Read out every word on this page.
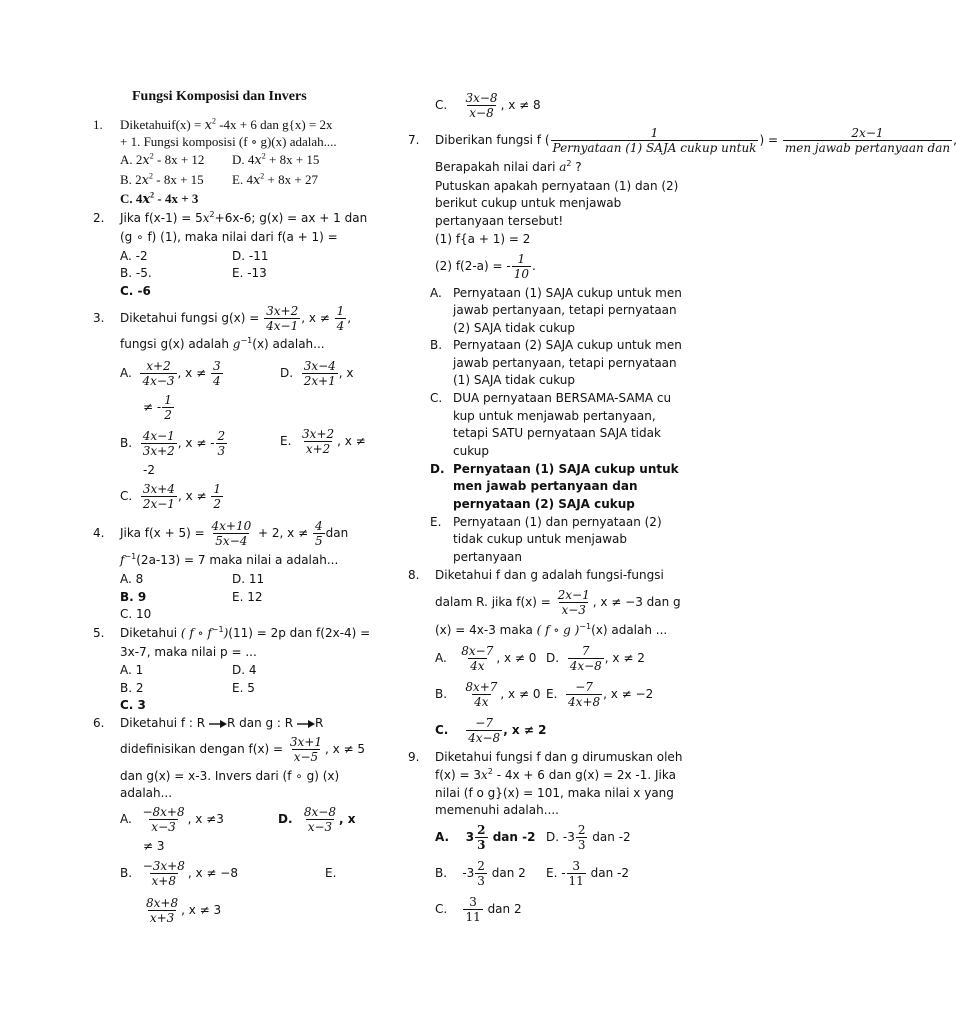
Fungsi Komposisi dan Invers
1. Diketahuif(x) = $x^2$ -4x + 6 dan g{x) = 2x
+ 1. Fungsi komposisi (f ∘ g)(x) adalah....
A. $2x^2 - 8x + 12$ D. $4x^2 + 8x + 15$
B. $2x^2 - 8x + 15$ E. $4x^2 + 8x + 27$
C. $4x^2 - 4x + 3$
2. Jika $f(x-1) = 5x^2+6x-6$; g(x) = ax + 1 dan
(g ∘ f) (1), maka nilai dari f(a + 1) =
A. -2	D. -11
B. -5.	E. -13
C. -6
3. Diketahui fungsi $g(x) = \frac{3x+2}{4x-1}$ , $x \ne \frac{1}{4}$ ,
fungsi g(x) adalah $g^{-1}(x)$ adalah...
A. $\frac{x+2}{4x-3}$ , $x \ne \frac{3}{4}$	D. $\frac{3x-4}{2x+1}$ , x
≠ - $\frac{1}{2}$
B. $\frac{4x-1}{3x+2}$ , x ≠ - $\frac{2}{3}$	E. $\frac{3x+2}{x+2}$ , x ≠
-2
C. $\frac{3x+4}{2x-1}$ , $x \ne \frac{1}{2}$
4. Jika $f(x + 5) = \frac{4x+10}{5x-4} + 2$, $x \ne \frac{4}{5}$ dan
$f^{-1}(2a-13) = 7$ maka nilai a adalah...
A. 8	D. 11
B. 9	E. 12
C. 10
5. Diketahui ( f ∘ $f^{-1})(11) = 2p$ dan f(2x-4) =
3x-7, maka nilai p = ...
A. 1	D. 4
B. 2	E. 5
C. 3
6. Diketahui f : R R dan g : R R
didefinisikan dengan $f(x) = \frac{3x+1}{x-5}$ , x ≠ 5
dan g(x) = x-3. Invers dari (f ∘ g) (x)
adalah...
A. $\frac{-8x+8}{x-3}$ , x ≠3	D. $\frac{8x-8}{x-3}$ , x
≠ 3
B. $\frac{-3x+8}{x+8}$ , x ≠ −8	E.
$\frac{8x+8}{x+3}$ , x ≠ 3
C. $\frac{3x-8}{x-8}$ , x ≠ 8
7. Diberikan fungsi f ( $\frac{1}{\text{Pernyataan (1) SAJA cukup untuk}}$ ) = $\frac{2x-1}{\text{men jawab pertanyaan dan}}$ ,
Berapakah nilai dari $a^2$ ?
Putuskan apakah pernyataan (1) dan (2)
berikut cukup untuk menjawab
pertanyaan tersebut!
(1) f{a + 1) = 2
(2) f(2-a) = - $\frac{1}{10}$ .
A. Pernyataan (1) SAJA cukup untuk men
jawab pertanyaan, tetapi pernyataan
(2) SAJA tidak cukup
B. Pernyataan (2) SAJA cukup untuk men
jawab pertanyaan, tetapi pernyataan
(1) SAJA tidak cukup
C. DUA pernyataan BERSAMA-SAMA cu
kup untuk menjawab pertanyaan,
tetapi SATU pernyataan SAJA tidak
cukup
D. Pernyataan (1) SAJA cukup untuk
men jawab pertanyaan dan
pernyataan (2) SAJA cukup
E. Pernyataan (1) dan pernyataan (2)
tidak cukup untuk menjawab
pertanyaan
8. Diketahui f dan g adalah fungsi-fungsi
dalam R. jika $f(x) = \frac{2x-1}{x-3}$ , x ≠ −3 dan g
(x) = 4x-3 maka ( f ∘ g )$^{-1}$(x) adalah ...
A. $\frac{8x-7}{4x}$ , x ≠ 0 D. $\frac{7}{4x-8}$ , x ≠ 2
B. $\frac{8x+7}{4x}$ , x ≠ 0 E. $\frac{-7}{4x+8}$ , x ≠ −2
C. $\frac{-7}{4x-8}$ , x ≠ 2
9. Diketahui fungsi f dan g dirumuskan oleh
$f(x) = 3x^2 - 4x + 6$ dan g(x) = 2x -1. Jika
nilai (f o g}(x) = 101, maka nilai x yang
memenuhi adalah....
A. $3 \frac{2}{3}$ dan -2 D. $-3 \frac{2}{3}$ dan -2
B. $-3 \frac{2}{3}$ dan 2 E. - $\frac{3}{11}$ dan -2
C. $\frac{3}{11}$ dan 2
